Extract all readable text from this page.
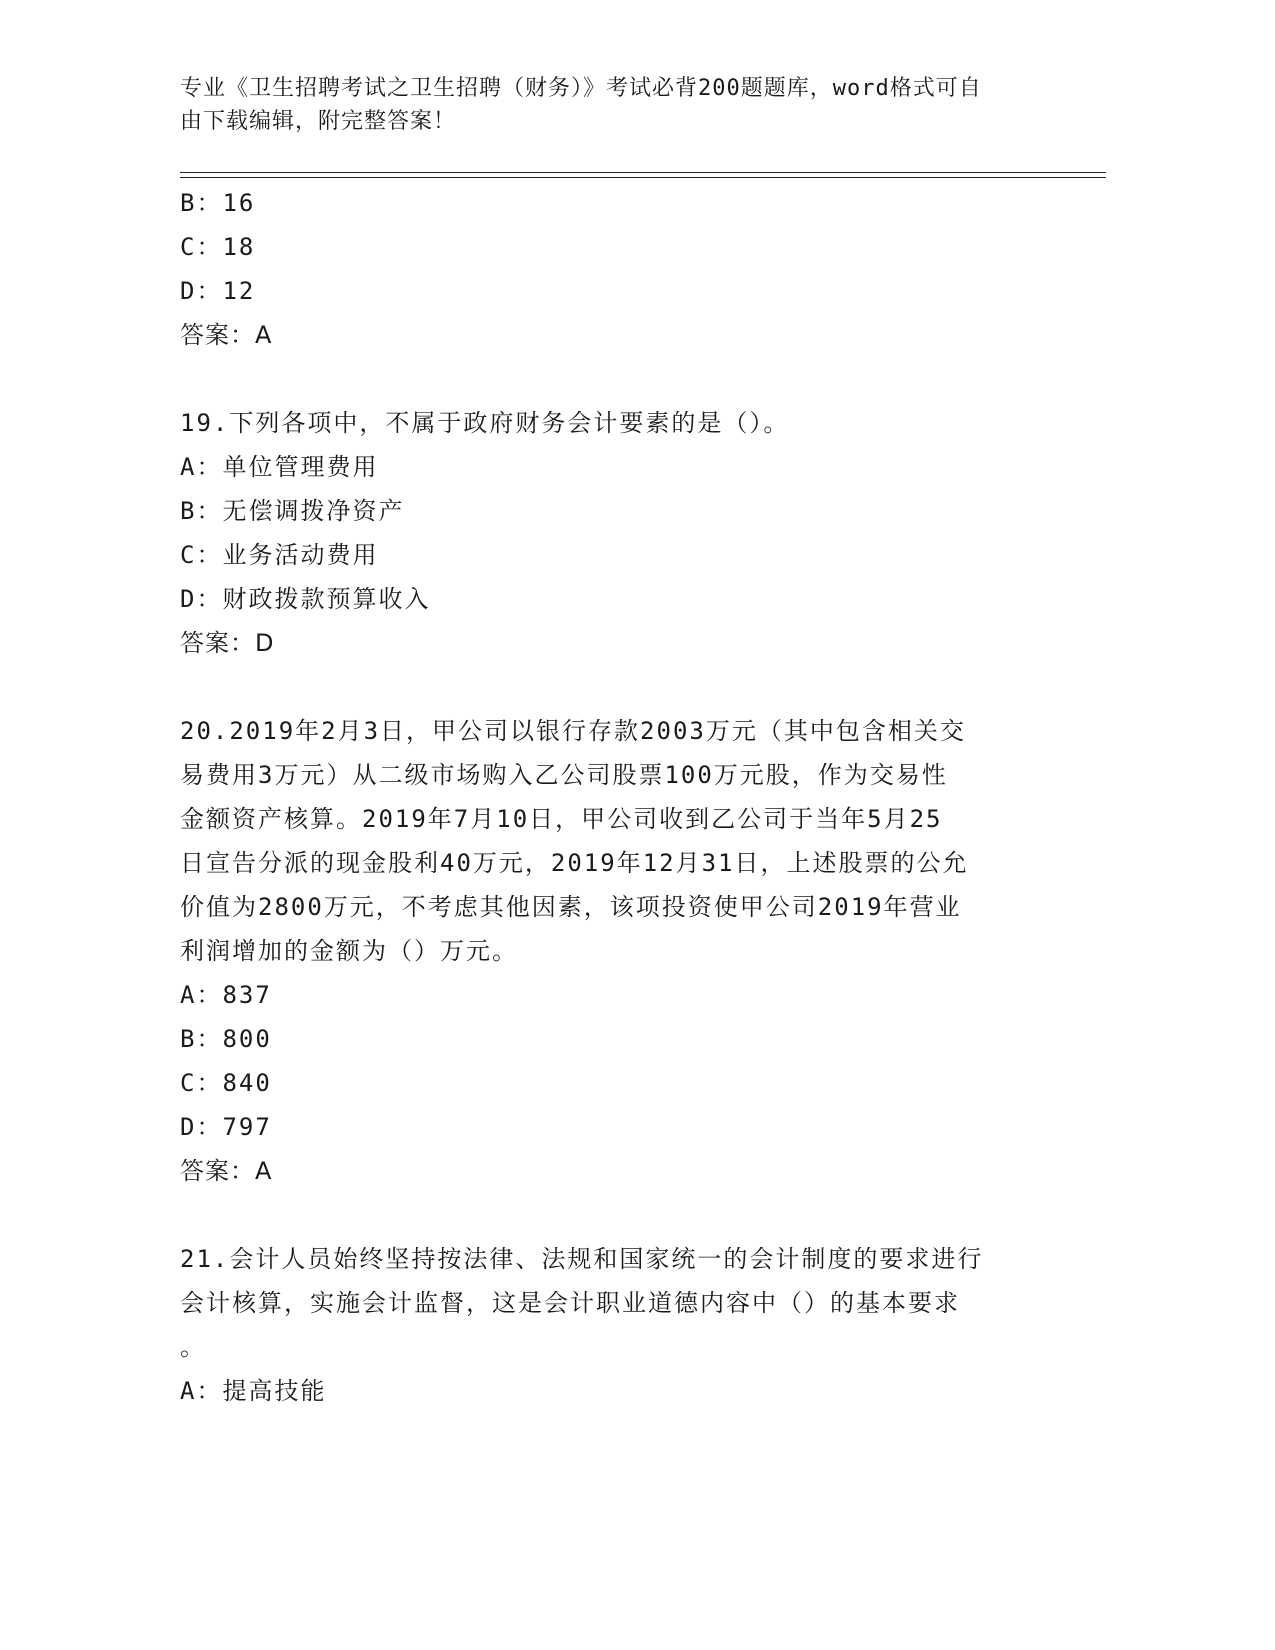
专业《卫生招聘考试之卫生招聘（财务）》考试必背200题题库，word格式可自
由下载编辑，附完整答案！
B：16
C：18
D：12
答案：A
19.下列各项中，不属于政府财务会计要素的是（）。
A：单位管理费用
B：无偿调拨净资产
C：业务活动费用
D：财政拨款预算收入
答案：D
20.2019年2月3日，甲公司以银行存款2003万元（其中包含相关交
易费用3万元）从二级市场购入乙公司股票100万元股，作为交易性
金额资产核算。2019年7月10日，甲公司收到乙公司于当年5月25
日宣告分派的现金股利40万元，2019年12月31日，上述股票的公允
价值为2800万元，不考虑其他因素，该项投资使甲公司2019年营业
利润增加的金额为（）万元。
A：837
B：800
C：840
D：797
答案：A
21.会计人员始终坚持按法律、法规和国家统一的会计制度的要求进行
会计核算，实施会计监督，这是会计职业道德内容中（）的基本要求
。
A：提高技能
